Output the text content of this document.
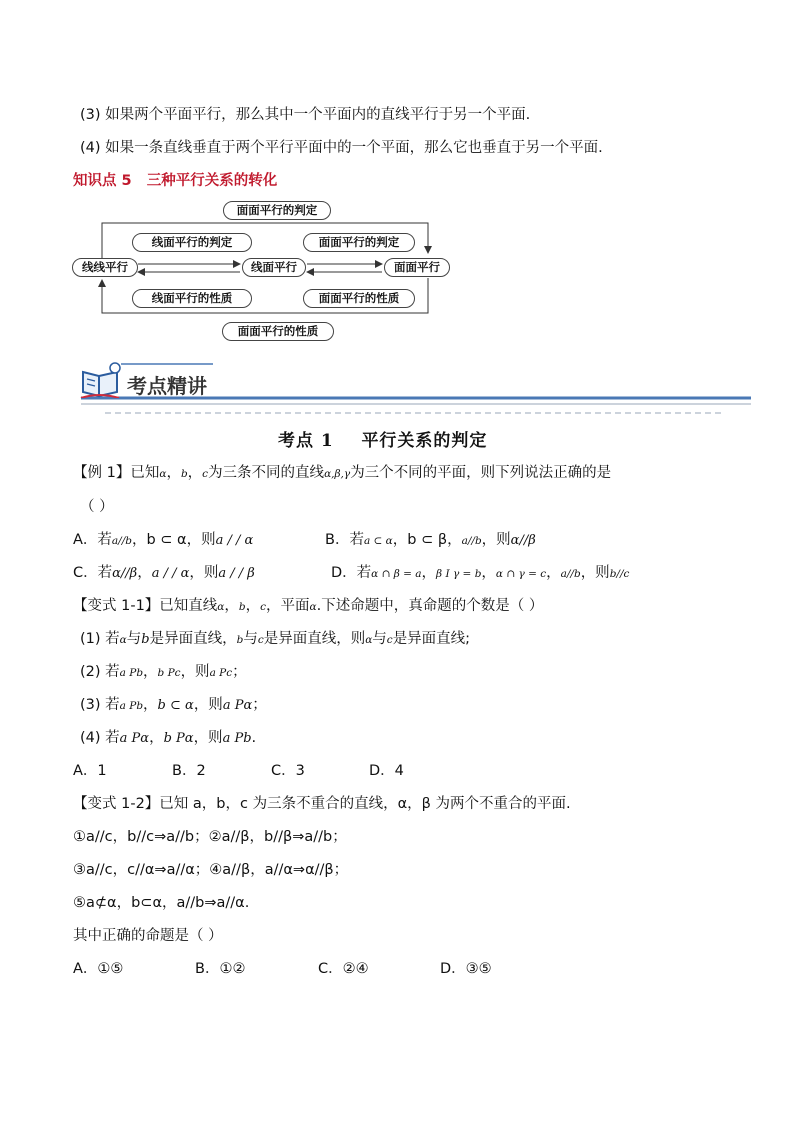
(3) 如果两个平面平行，那么其中一个平面内的直线平行于另一个平面.
(4) 如果一条直线垂直于两个平行平面中的一个平面，那么它也垂直于另一个平面.
知识点 5 三种平行关系的转化
面面平行的判定
线面平行的判定	面面平行的判定
线线平行	线面平行	面面平行
线面平行的性质	面面平行的性质
面面平行的性质
考点精讲
考点 1 平行关系的判定
【例 1】已知α，b，c为三条不同的直线α,β,γ为三个不同的平面，则下列说法正确的是
（ ）
A．若a//b，b ⊂ α，则a / / α	B．若a ⊂ α，b ⊂ β，a//b，则α//β
C．若α//β，a / / α，则a / / β	D．若α ∩ β = a，β I γ = b，α ∩ γ = c，a//b，则b//c
【变式 1-1】已知直线α，b，c，平面α.下述命题中，真命题的个数是（ ）
(1) 若α与b是异面直线，b与c是异面直线，则α与c是异面直线;
(2) 若a Pb，b Pc，则a Pc；
(3) 若a Pb，b ⊂ α，则a Pα；
(4) 若a Pα，b Pα，则a Pb.
A．1	B．2	C．3	D．4
【变式 1-2】已知 a，b，c 为三条不重合的直线，α，β 为两个不重合的平面.
①a//c，b//c⇒a//b；②a//β，b//β⇒a//b；
③a//c，c//α⇒a//α；④a//β，a//α⇒α//β；
⑤a⊄α，b⊂α，a//b⇒a//α.
其中正确的命题是（ ）
A．①⑤	B．①②	C．②④	D．③⑤
